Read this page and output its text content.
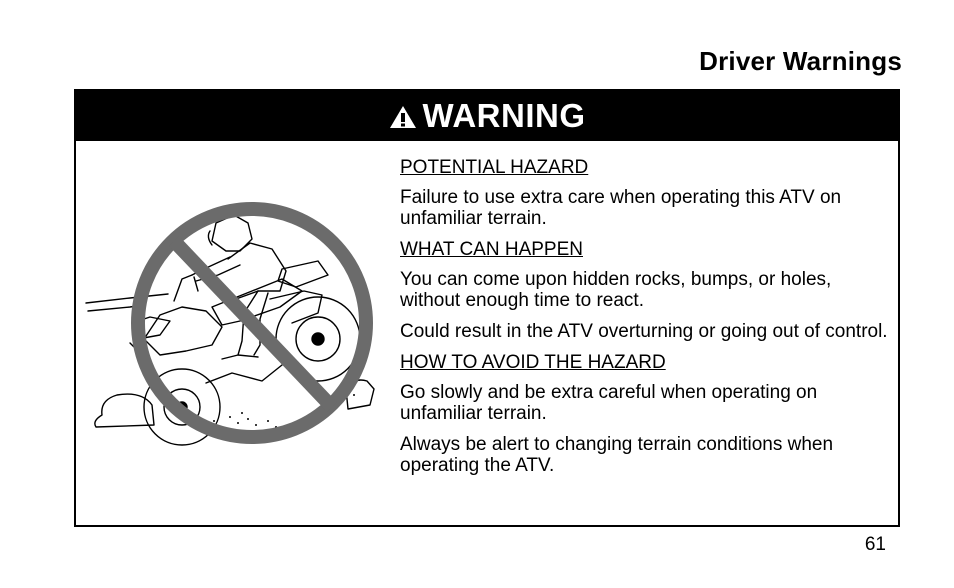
Driver Warnings
WARNING

POTENTIAL HAZARD

Failure to use extra care when operating this ATV on unfamiliar terrain.

WHAT CAN HAPPEN

You can come upon hidden rocks, bumps, or holes, without enough time to react.

Could result in the ATV overturning or going out of control.

HOW TO AVOID THE HAZARD

Go slowly and be extra careful when operating on unfamiliar terrain.

Always be alert to changing terrain conditions when operating the ATV.

61
